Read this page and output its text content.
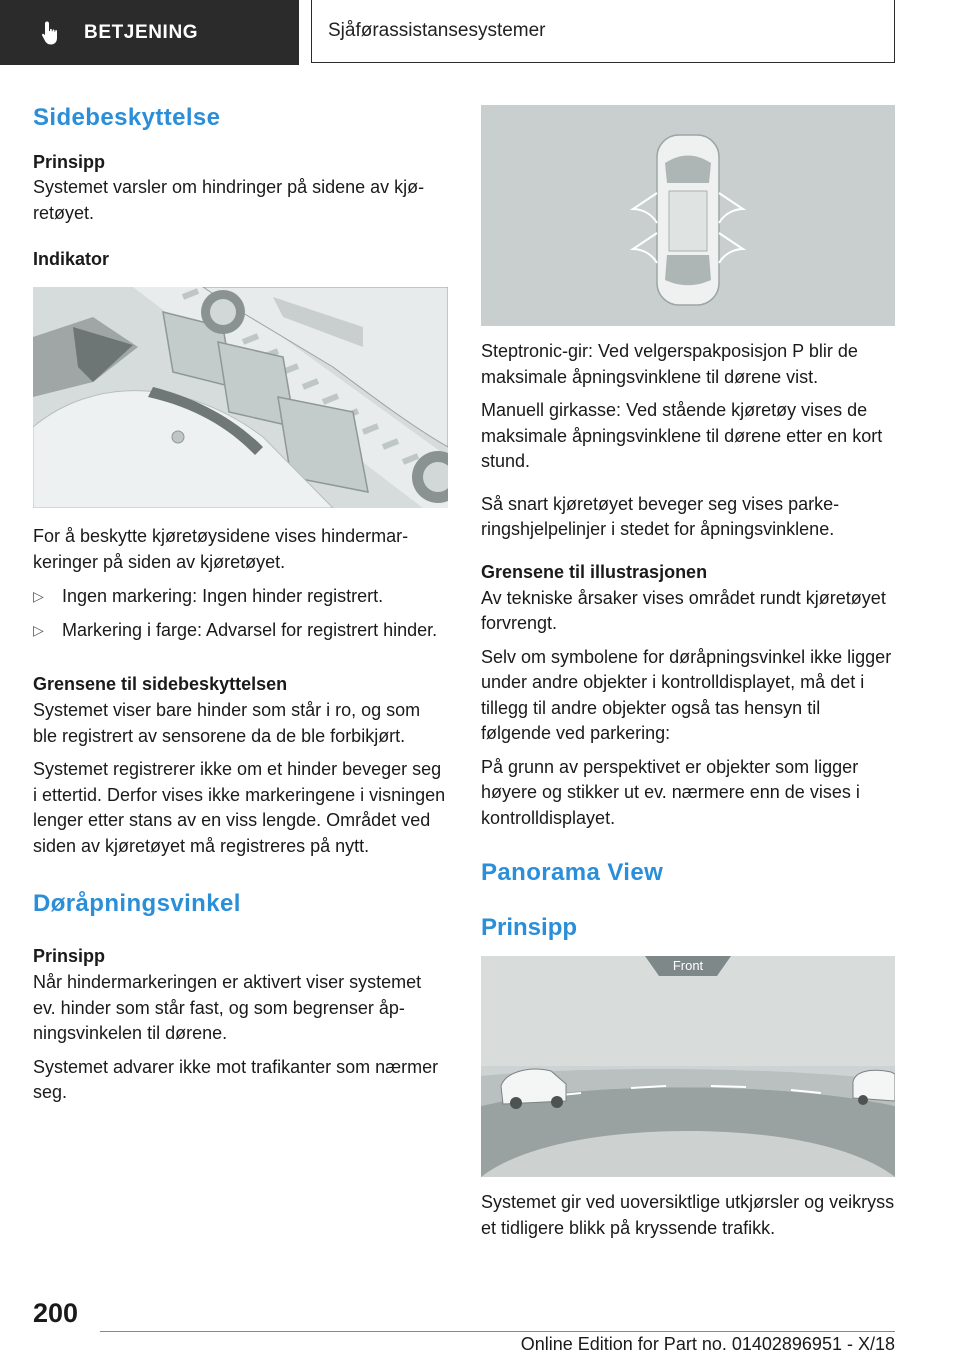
BETJENING	Sjåførassistansesystemer
Sidebeskyttelse
Prinsipp

Systemet varsler om hindringer på sidene av kjøretøyet.

Indikator

For å beskytte kjøretøysidene vises hindermarkeringer på siden av kjøretøyet.

▷ Ingen markering: Ingen hinder registrert.
▷ Markering i farge: Advarsel for registrert hinder.
Grensene til sidebeskyttelsen

Systemet viser bare hinder som står i ro, og som ble registrert av sensorene da de ble forbikjørt.

Systemet registrerer ikke om et hinder beveger seg i ettertid. Derfor vises ikke markeringene i visningen lenger etter stans av en viss lengde. Området ved siden av kjøretøyet må registreres på nytt.

Døråpningsvinkel
Prinsipp

Når hindermarkeringen er aktivert viser systemet ev. hinder som står fast, og som begrenser åpningsvinkelen til dørene.

Systemet advarer ikke mot trafikanter som nærmer seg.

Steptronic-gir: Ved velgerspakposisjon P blir de maksimale åpningsvinklene til dørene vist.

Manuell girkasse: Ved stående kjøretøy vises de maksimale åpningsvinklene til dørene etter en kort stund.

Så snart kjøretøyet beveger seg vises parkeringshjelpelinjer i stedet for åpningsvinklene.

Grensene til illustrasjonen

Av tekniske årsaker vises området rundt kjøretøyet forvrengt.

Selv om symbolene for døråpningsvinkel ikke ligger under andre objekter i kontrolldisplayet, må det i tillegg til andre objekter også tas hensyn til følgende ved parkering:

På grunn av perspektivet er objekter som ligger høyere og stikker ut ev. nærmere enn de vises i kontrolldisplayet.

Panorama View
Prinsipp
Front

Systemet gir ved uoversiktlige utkjørsler og veikryss et tidligere blikk på kryssende trafikk.

200
Online Edition for Part no. 01402896951 - X/18
